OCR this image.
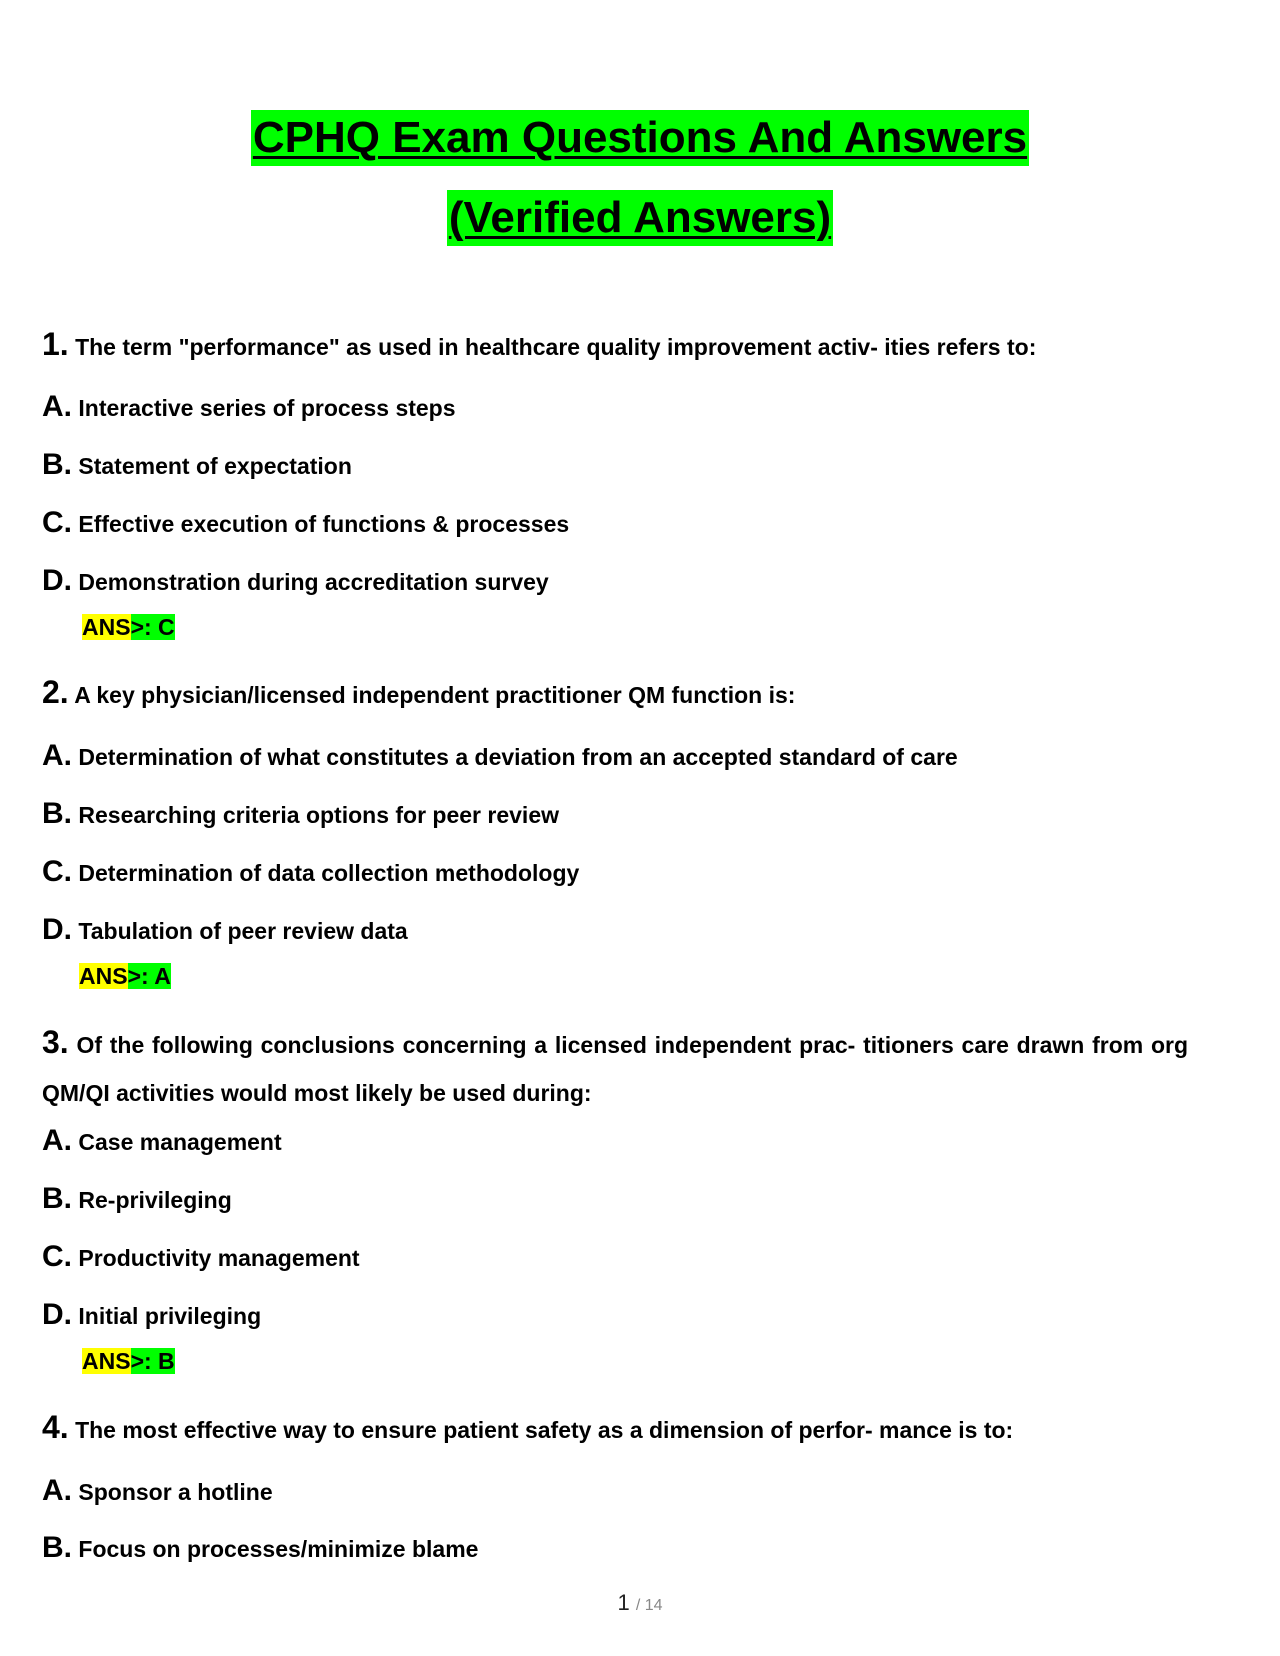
CPHQ Exam Questions And Answers
(Verified Answers)
1. The term "performance" as used in healthcare quality improvement activ- ities refers to:
A. Interactive series of process steps
B. Statement of expectation
C. Effective execution of functions & processes
D. Demonstration during accreditation survey
ANS>: C
2. A key physician/licensed independent practitioner QM function is:
A. Determination of what constitutes a deviation from an accepted standard of care
B. Researching criteria options for peer review
C. Determination of data collection methodology
D. Tabulation of peer review data
ANS>: A
3. Of the following conclusions concerning a licensed independent prac- titioners care drawn from org QM/QI activities would most likely be used during:
A. Case management
B. Re-privileging
C. Productivity management
D. Initial privileging
ANS>: B
4. The most effective way to ensure patient safety as a dimension of perfor- mance is to:
A. Sponsor a hotline
B. Focus on processes/minimize blame
1 / 14
